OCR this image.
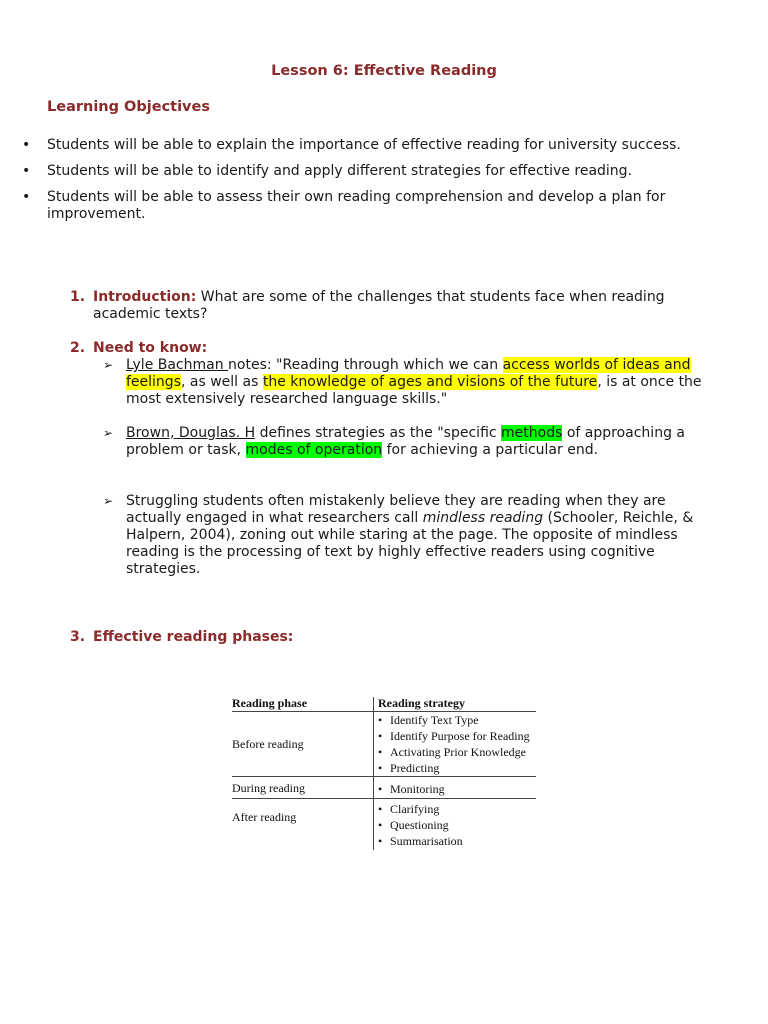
Lesson 6: Effective Reading
Learning Objectives
• Students will be able to explain the importance of effective reading for university success.
• Students will be able to identify and apply different strategies for effective reading.
• Students will be able to assess their own reading comprehension and develop a plan for improvement.
1. Introduction: What are some of the challenges that students face when reading academic texts?
2. Need to know:
➢ Lyle Bachman notes: "Reading through which we can access worlds of ideas and feelings, as well as the knowledge of ages and visions of the future, is at once the most extensively researched language skills."
➢ Brown, Douglas. H defines strategies as the "specific methods of approaching a problem or task, modes of operation for achieving a particular end.
➢ Struggling students often mistakenly believe they are reading when they are actually engaged in what researchers call mindless reading (Schooler, Reichle, & Halpern, 2004), zoning out while staring at the page. The opposite of mindless reading is the processing of text by highly effective readers using cognitive strategies.
3. Effective reading phases:
Reading phase	Reading strategy
Before reading
• Identify Text Type
• Identify Purpose for Reading
• Activating Prior Knowledge
• Predicting
During reading	• Monitoring
After reading
• Clarifying
• Questioning
• Summarisation
